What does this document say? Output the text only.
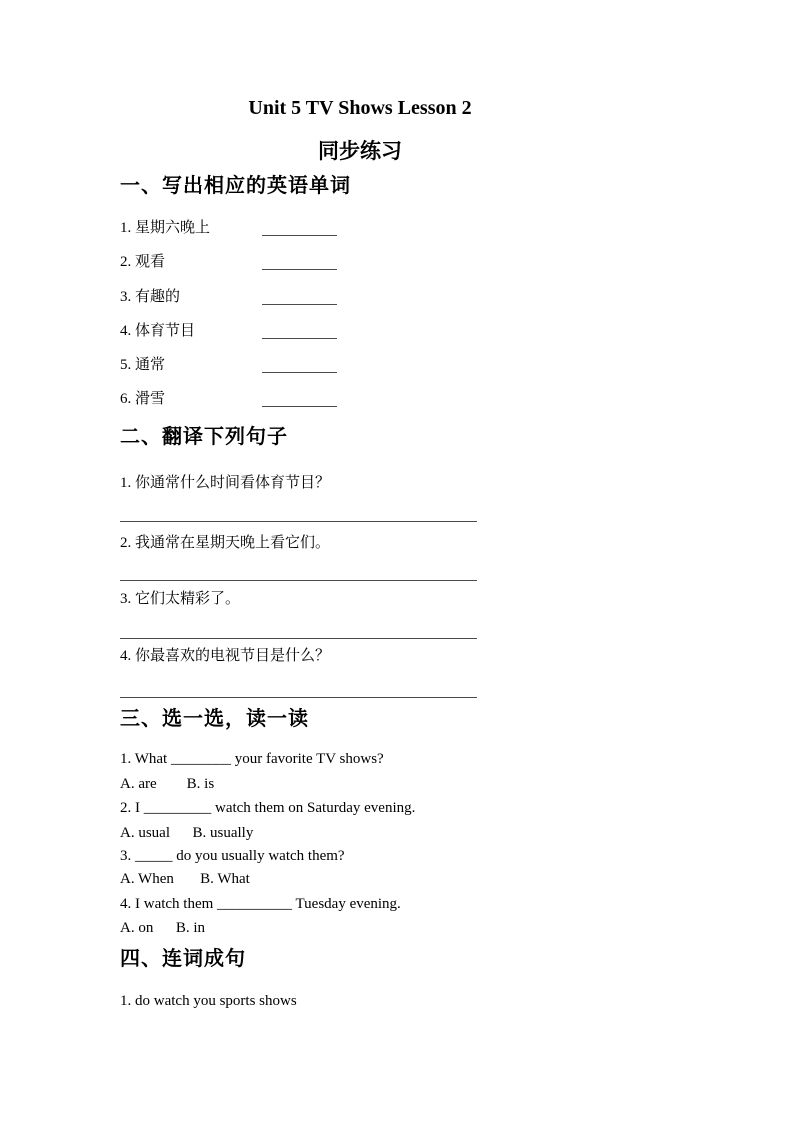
Unit 5 TV Shows Lesson 2
同步练习
一、写出相应的英语单词
1. 星期六晚上
2. 观看
3. 有趣的
4. 体育节目
5. 通常
6. 滑雪
二、翻译下列句子
1. 你通常什么时间看体育节目？
2. 我通常在星期天晚上看它们。
3. 它们太精彩了。
4. 你最喜欢的电视节目是什么？
三、选一选，读一读
1. What ________ your favorite TV shows?
A. are        B. is
2. I _________ watch them on Saturday evening.
A. usual      B. usually
3. _____ do you usually watch them?
A. When       B. What
4. I watch them __________ Tuesday evening.
A. on      B. in
四、连词成句
1. do watch you sports shows
